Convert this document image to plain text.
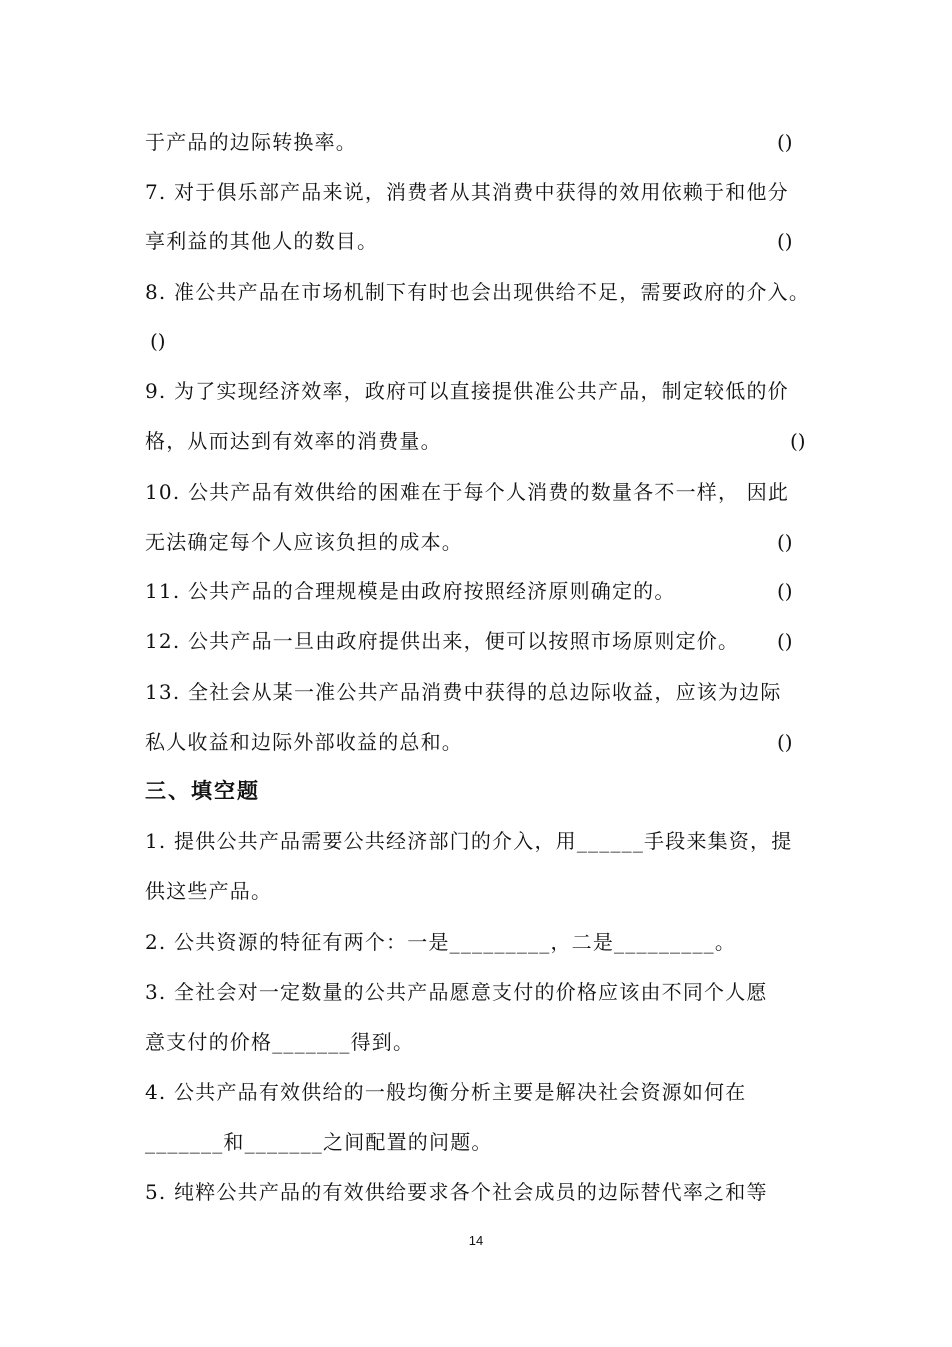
于产品的边际转换率。	()
7. 对于俱乐部产品来说，消费者从其消费中获得的效用依赖于和他分
享利益的其他人的数目。	()
8. 准公共产品在市场机制下有时也会出现供给不足，需要政府的介入。
()
9. 为了实现经济效率，政府可以直接提供准公共产品，制定较低的价
格，从而达到有效率的消费量。	()
10. 公共产品有效供给的困难在于每个人消费的数量各不一样， 因此
无法确定每个人应该负担的成本。	()
11. 公共产品的合理规模是由政府按照经济原则确定的。	()
12. 公共产品一旦由政府提供出来，便可以按照市场原则定价。	()
13. 全社会从某一准公共产品消费中获得的总边际收益，应该为边际
私人收益和边际外部收益的总和。	()
三、填空题
1. 提供公共产品需要公共经济部门的介入，用______手段来集资，提
供这些产品。
2. 公共资源的特征有两个：一是_________，二是_________。
3. 全社会对一定数量的公共产品愿意支付的价格应该由不同个人愿
意支付的价格_______得到。
4. 公共产品有效供给的一般均衡分析主要是解决社会资源如何在
_______和_______之间配置的问题。
5. 纯粹公共产品的有效供给要求各个社会成员的边际替代率之和等
14
